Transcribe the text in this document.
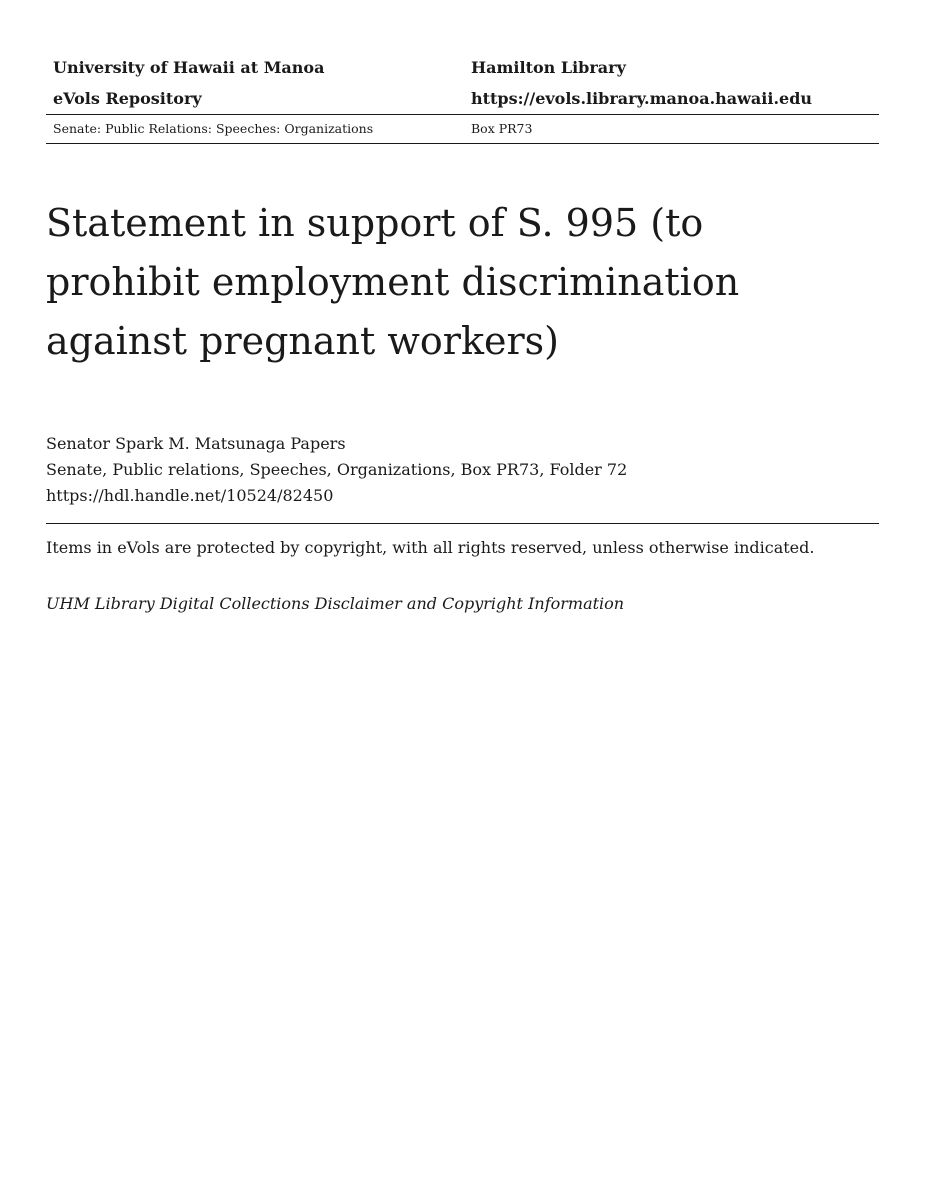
University of Hawaii at Manoa	Hamilton Library
eVols Repository	https://evols.library.manoa.hawaii.edu
Senate: Public Relations: Speeches: Organizations	Box PR73
Statement in support of S. 995 (to prohibit employment discrimination against pregnant workers)
Senator Spark M. Matsunaga Papers
Senate, Public relations, Speeches, Organizations, Box PR73, Folder 72
https://hdl.handle.net/10524/82450
Items in eVols are protected by copyright, with all rights reserved, unless otherwise indicated.
UHM Library Digital Collections Disclaimer and Copyright Information
